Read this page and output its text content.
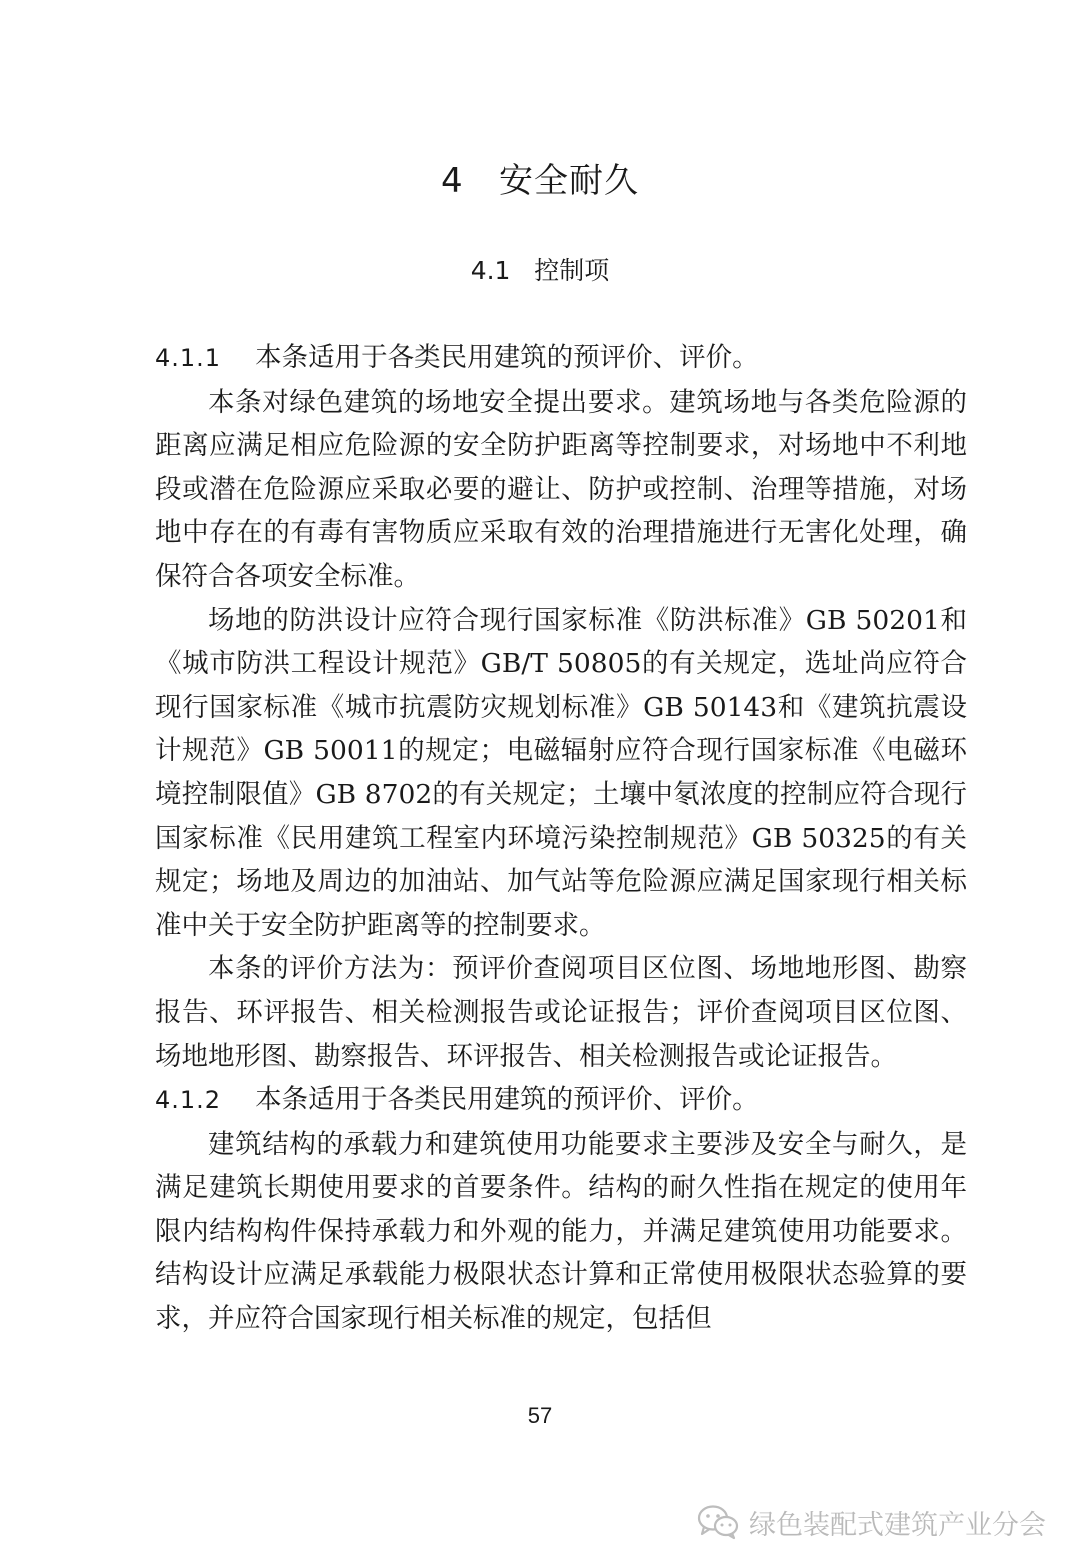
4   安全耐久
4.1   控制项

4.1.1 本条适用于各类民用建筑的预评价、评价。

本条对绿色建筑的场地安全提出要求。建筑场地与各类危险源的距离应满足相应危险源的安全防护距离等控制要求，对场地中不利地段或潜在危险源应采取必要的避让、防护或控制、治理等措施，对场地中存在的有毒有害物质应采取有效的治理措施进行无害化处理，确保符合各项安全标准。

场地的防洪设计应符合现行国家标准《防洪标准》GB 50201和《城市防洪工程设计规范》GB/T 50805的有关规定，选址尚应符合现行国家标准《城市抗震防灾规划标准》GB 50143和《建筑抗震设计规范》GB 50011的规定；电磁辐射应符合现行国家标准《电磁环境控制限值》GB 8702的有关规定；土壤中氡浓度的控制应符合现行国家标准《民用建筑工程室内环境污染控制规范》GB 50325的有关规定；场地及周边的加油站、加气站等危险源应满足国家现行相关标准中关于安全防护距离等的控制要求。

本条的评价方法为：预评价查阅项目区位图、场地地形图、勘察报告、环评报告、相关检测报告或论证报告；评价查阅项目区位图、场地地形图、勘察报告、环评报告、相关检测报告或论证报告。

4.1.2 本条适用于各类民用建筑的预评价、评价。

建筑结构的承载力和建筑使用功能要求主要涉及安全与耐久，是满足建筑长期使用要求的首要条件。结构的耐久性指在规定的使用年限内结构构件保持承载力和外观的能力，并满足建筑使用功能要求。结构设计应满足承载能力极限状态计算和正常使用极限状态验算的要求，并应符合国家现行相关标准的规定，包括但

57
绿色装配式建筑产业分会
